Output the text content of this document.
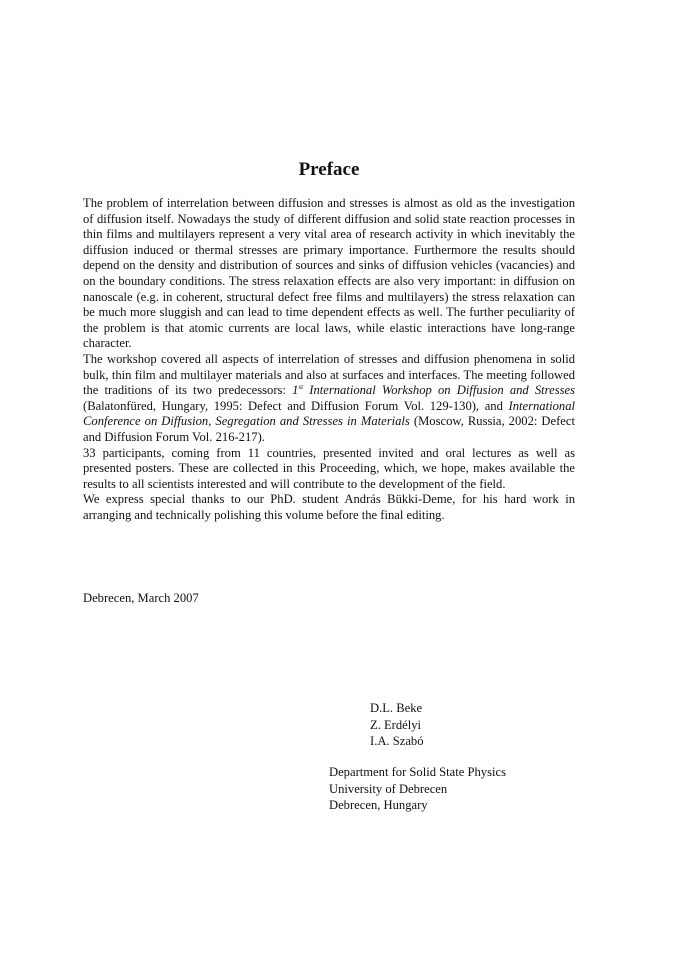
Preface

The problem of interrelation between diffusion and stresses is almost as old as the investigation of diffusion itself. Nowadays the study of different diffusion and solid state reaction processes in thin films and multilayers represent a very vital area of research activity in which inevitably the diffusion induced or thermal stresses are primary importance. Furthermore the results should depend on the density and distribution of sources and sinks of diffusion vehicles (vacancies) and on the boundary conditions. The stress relaxation effects are also very important: in diffusion on nanoscale (e.g. in coherent, structural defect free films and multilayers) the stress relaxation can be much more sluggish and can lead to time dependent effects as well. The further peculiarity of the problem is that atomic currents are local laws, while elastic interactions have long-range character.

The workshop covered all aspects of interrelation of stresses and diffusion phenomena in solid bulk, thin film and multilayer materials and also at surfaces and interfaces. The meeting followed the traditions of its two predecessors: 1st International Workshop on Diffusion and Stresses (Balatonfüred, Hungary, 1995: Defect and Diffusion Forum Vol. 129-130), and International Conference on Diffusion, Segregation and Stresses in Materials (Moscow, Russia, 2002: Defect and Diffusion Forum Vol. 216-217).

33 participants, coming from 11 countries, presented invited and oral lectures as well as presented posters. These are collected in this Proceeding, which, we hope, makes available the results to all scientists interested and will contribute to the development of the field.

We express special thanks to our PhD. student András Bükki-Deme, for his hard work in arranging and technically polishing this volume before the final editing.

Debrecen, March 2007
D.L. Beke
Z. Erdélyi
I.A. Szabó
Department for Solid State Physics
University of Debrecen
Debrecen, Hungary
